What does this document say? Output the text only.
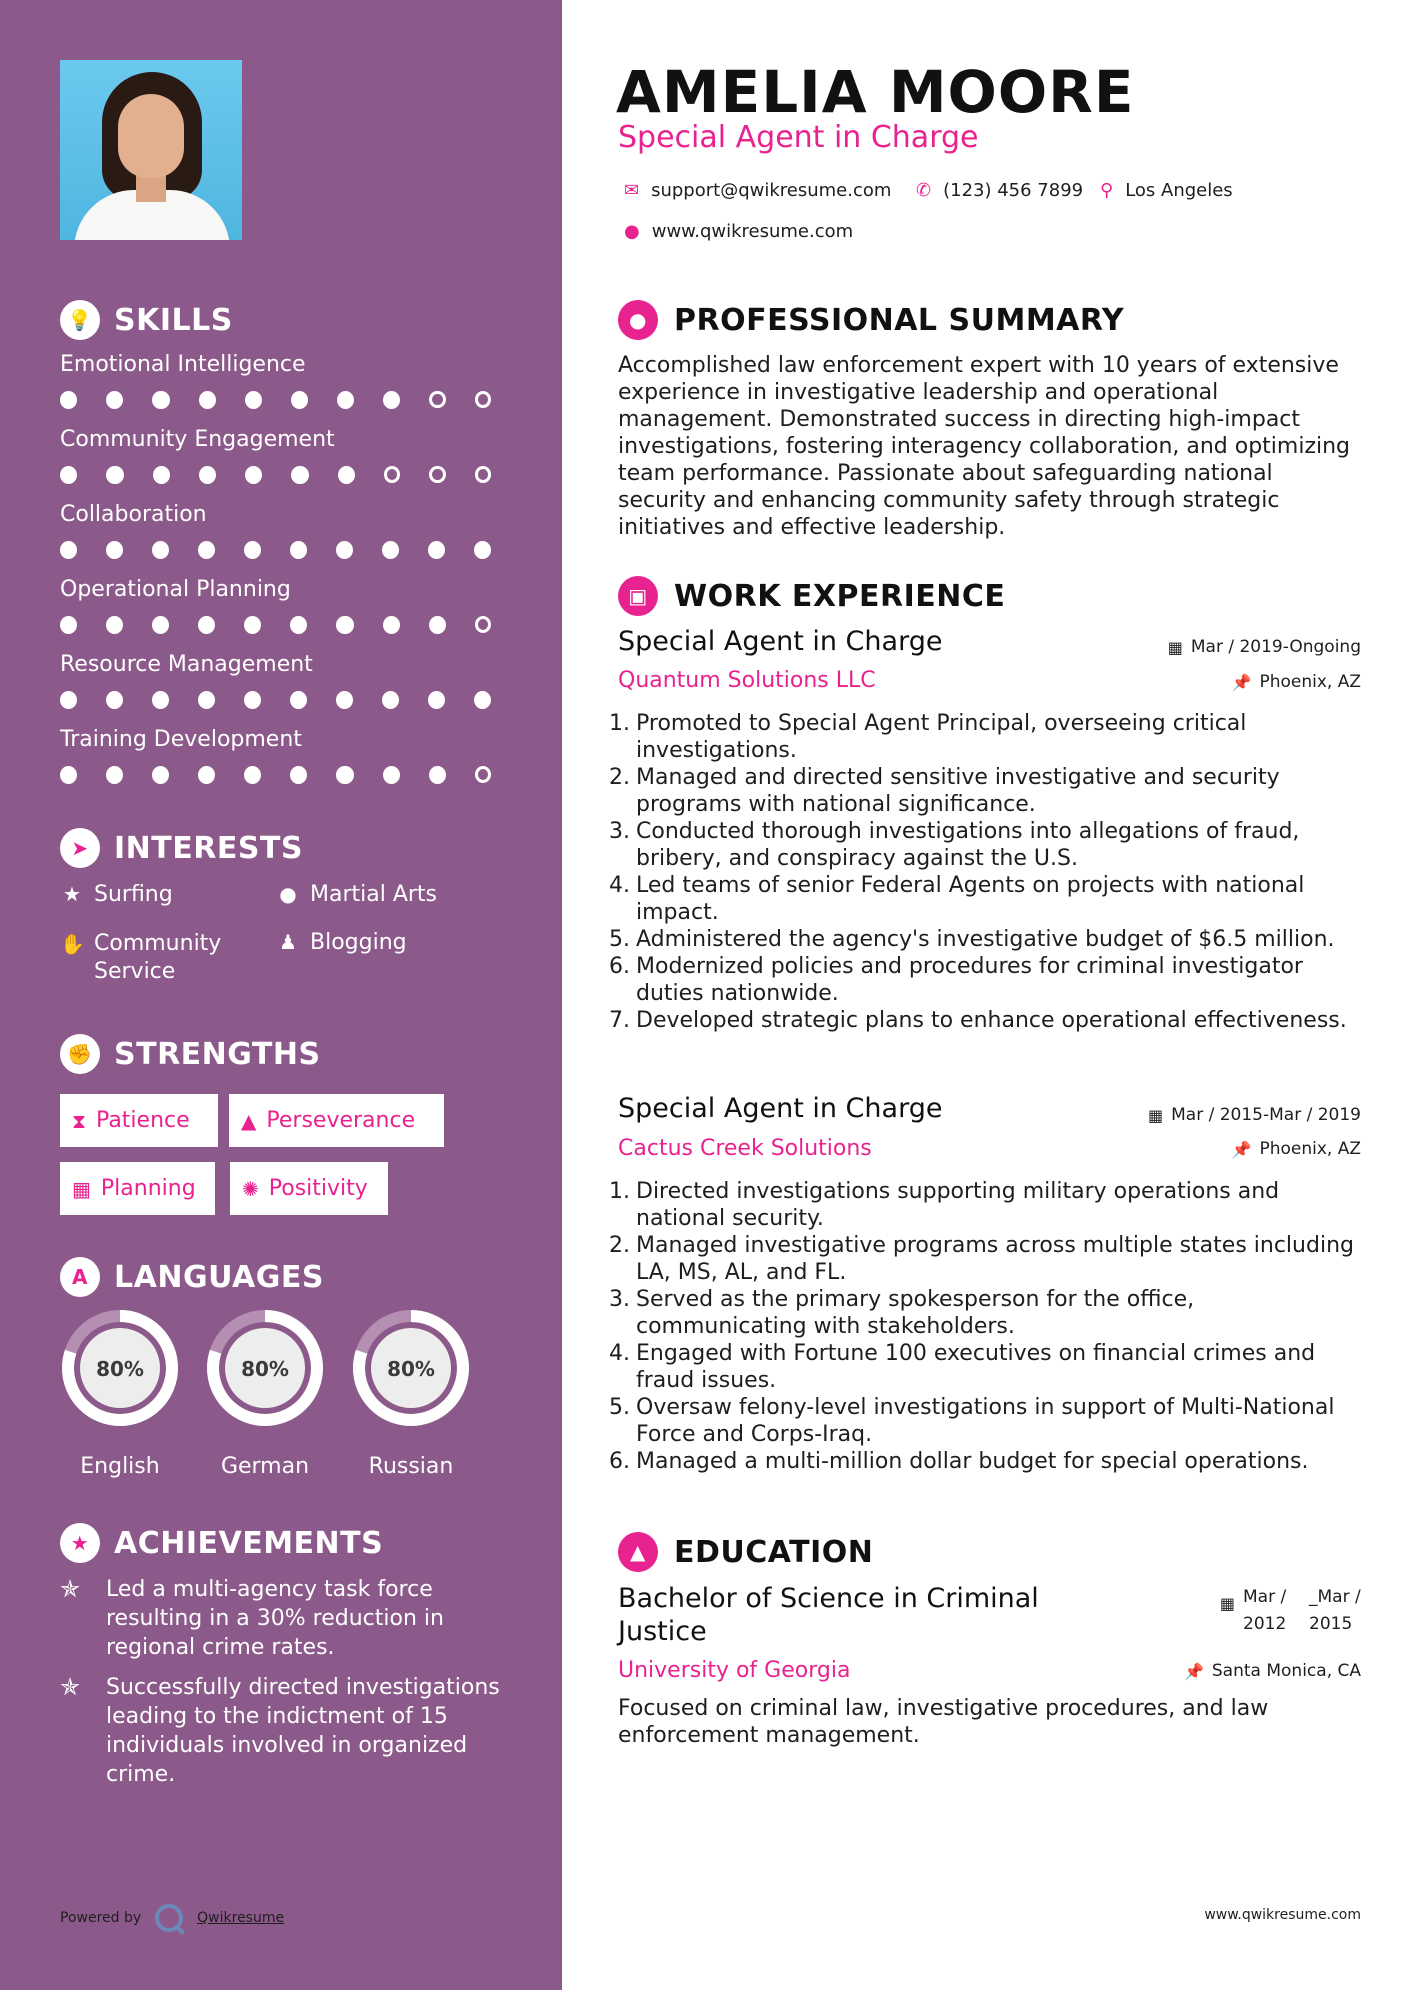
💡 SKILLS
Emotional Intelligence
Community Engagement
Collaboration
Operational Planning
Resource Management
Training Development
➤ INTERESTS
★ Surfing	● Martial Arts
✋ Community
Service
♟ Blogging
✊ STRENGTHS
⧗ Patience	▲ Perseverance
▦ Planning ✺ Positivity
A LANGUAGES
80%
English
80%
German
80%
Russian
★ ACHIEVEMENTS
✯	Led a multi-agency task force resulting in a 30% reduction in regional crime rates.
✯	Successfully directed investigations leading to the indictment of 15 individuals involved in organized crime.
Powered by	Qwikresume
AMELIA MOORE
Special Agent in Charge
✉ support@qwikresume.com ✆ (123) 456 7899 ⚲ Los Angeles
● www.qwikresume.com
● PROFESSIONAL SUMMARY
Accomplished law enforcement expert with 10 years of extensive experience in investigative leadership and operational management. Demonstrated success in directing high-impact investigations, fostering interagency collaboration, and optimizing team performance. Passionate about safeguarding national security and enhancing community safety through strategic initiatives and effective leadership.
▣ WORK EXPERIENCE
Special Agent in Charge	▦ Mar / 2019-Ongoing
Quantum Solutions LLC	📌 Phoenix, AZ
1. Promoted to Special Agent Principal, overseeing critical investigations.
2. Managed and directed sensitive investigative and security programs with national significance.
3. Conducted thorough investigations into allegations of fraud, bribery, and conspiracy against the U.S.
4. Led teams of senior Federal Agents on projects with national impact.
5. Administered the agency's investigative budget of $6.5 million.
6. Modernized policies and procedures for criminal investigator duties nationwide.
7. Developed strategic plans to enhance operational effectiveness.
Special Agent in Charge	▦ Mar / 2015-Mar / 2019
Cactus Creek Solutions	📌 Phoenix, AZ
1. Directed investigations supporting military operations and national security.
2. Managed investigative programs across multiple states including LA, MS, AL, and FL.
3. Served as the primary spokesperson for the office, communicating with stakeholders.
4. Engaged with Fortune 100 executives on financial crimes and fraud issues.
5. Oversaw felony-level investigations in support of Multi-National Force and Corps-Iraq.
6. Managed a multi-million dollar budget for special operations.
▲ EDUCATION
Bachelor of Science in Criminal Justice
▦ Mar /
2012
_Mar /
2015
University of Georgia	📌 Santa Monica, CA
Focused on criminal law, investigative procedures, and law enforcement management.
www.qwikresume.com
